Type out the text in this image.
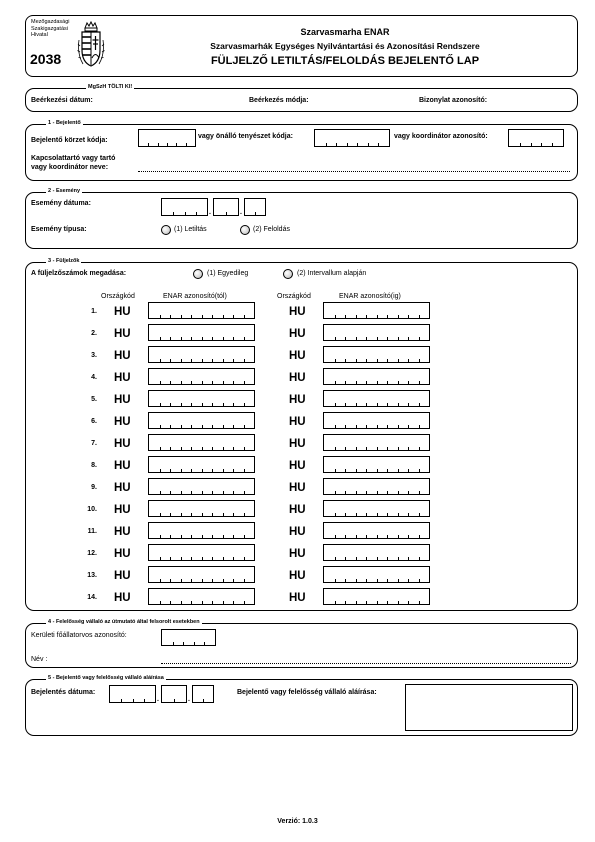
Mezőgazdasági
Szakigazgatási
Hivatal
2038
Szarvasmarha ENAR
Szarvasmarhák Egységes Nyilvántartási és Azonosítási Rendszere
FÜLJELZŐ LETILTÁS/FELOLDÁS BEJELENTŐ LAP
MgSzH TÖLTI KI!
Beérkezési dátum:	Beérkezés módja:	Bizonylat azonosító:
1 - Bejelentő
Bejelentő körzet kódja:
vagy önálló tenyészet kódja:	vagy koordinátor azonosító:
Kapcsolattartó vagy tartó
vagy koordinátor neve:
2 - Esemény
Esemény dátuma:
.	.
Esemény típusa:	(1) Letiltás	(2) Feloldás
3 - Füljelzők
A füljelzőszámok megadása:	(1) Egyedileg	(2) Intervallum alapján
Országkód	ENAR azonosító(tól)	Országkód	ENAR azonosító(ig)
1. HU	HU
2. HU	HU
3. HU	HU
4. HU	HU
5. HU	HU
6. HU	HU
7. HU	HU
8. HU	HU
9. HU	HU
10. HU	HU
11. HU	HU
12. HU	HU
13. HU	HU
14. HU	HU
4 - Felelősség vállaló az útmutató által felsorolt esetekben
Kerületi főállatorvos azonosító:
Név :
5 - Bejelentő vagy felelősség vállaló aláírása
Bejelentés dátuma:
.	.
Bejelentő vagy felelősség vállaló aláírása:
Verzió: 1.0.3
